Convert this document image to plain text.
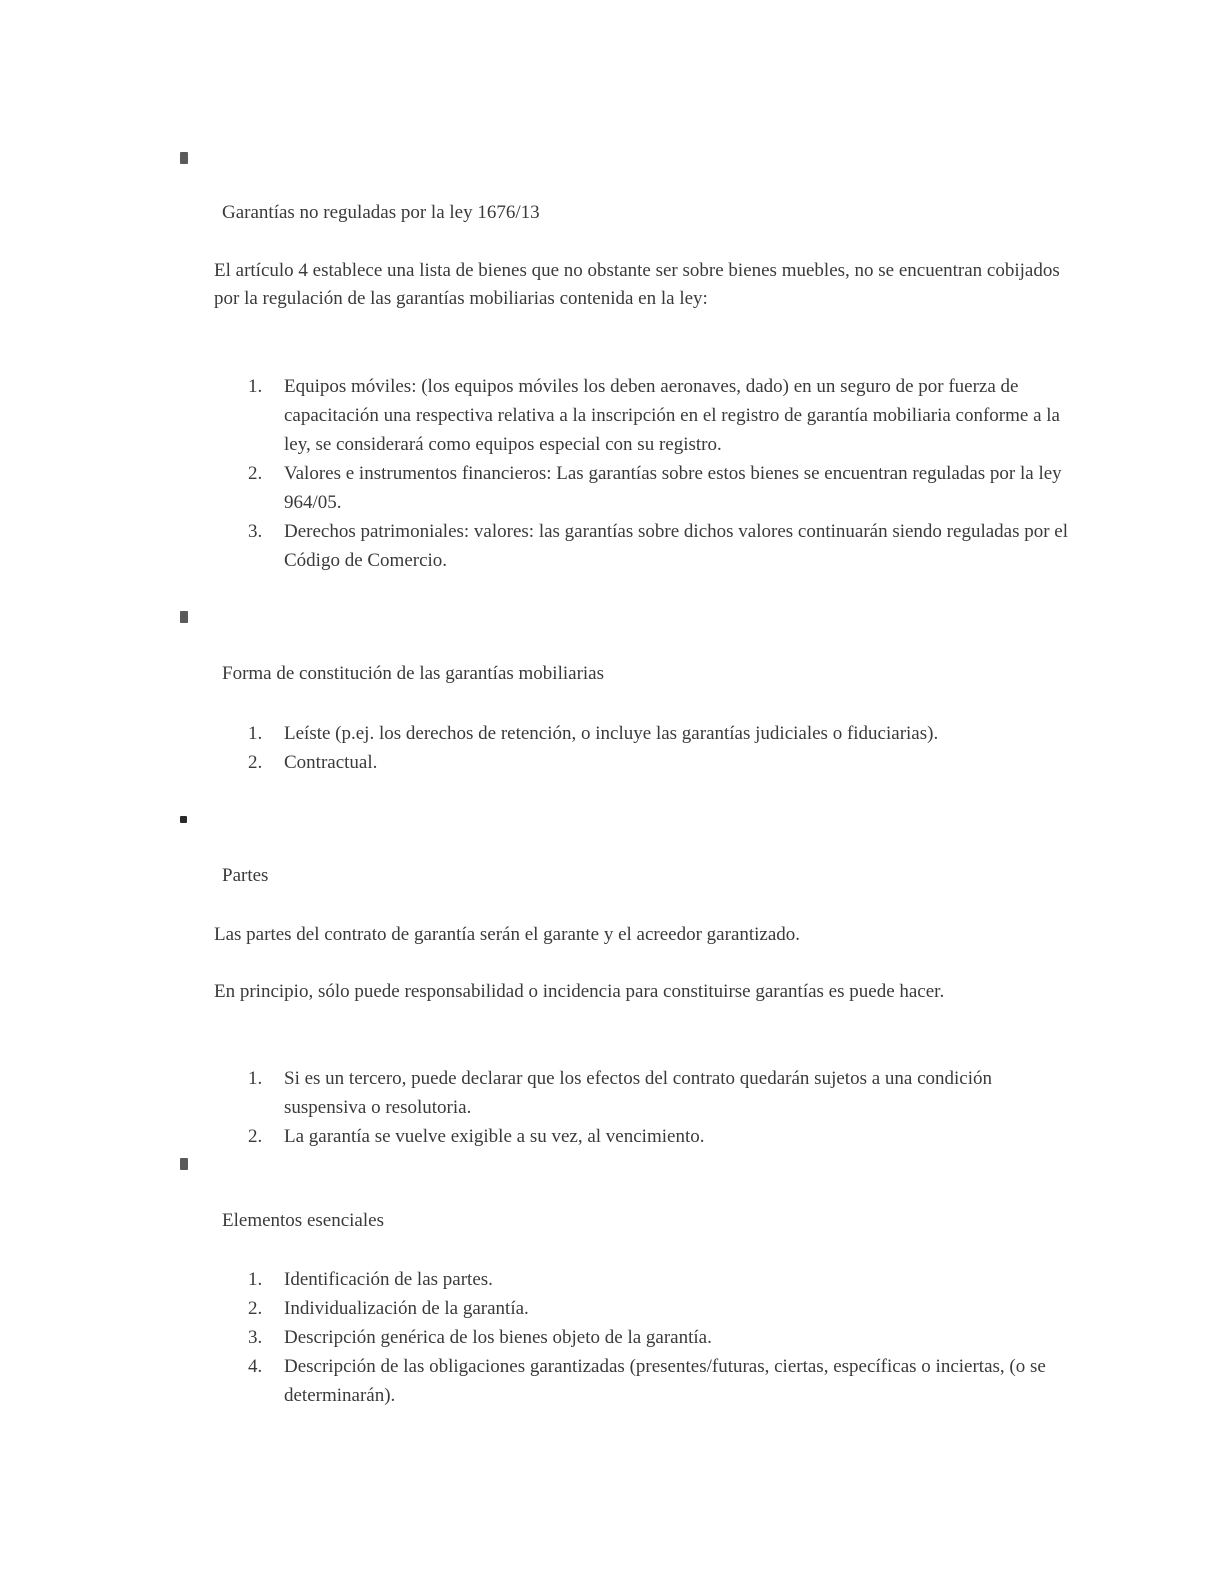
Garantías no reguladas por la ley 1676/13
El artículo 4 establece una lista de bienes que no obstante ser sobre bienes muebles, no se encuentran cobijados por la regulación de las garantías mobiliarias contenida en la ley:
1. Equipos móviles: (los equipos móviles los deben aeronaves, dado) en un seguro de por fuerza de capacitación una respectiva relativa a la inscripción en el registro de garantía mobiliaria conforme a la ley, se considerará como equipos especial con su registro.
2. Valores e instrumentos financieros: Las garantías sobre estos bienes se encuentran reguladas por la ley 964/05.
3. Derechos patrimoniales: valores: las garantías sobre dichos valores continuarán siendo reguladas por el Código de Comercio.
Forma de constitución de las garantías mobiliarias
1. Leíste (p.ej. los derechos de retención, o incluye las garantías judiciales o fiduciarias).
2. Contractual.
Partes
Las partes del contrato de garantía serán el garante y el acreedor garantizado.
En principio, sólo puede responsabilidad o incidencia para constituirse garantías es puede hacer.
1. Si es un tercero, puede declarar que los efectos del contrato quedarán sujetos a una condición suspensiva o resolutoria.
2. La garantía se vuelve exigible a su vez, al vencimiento.
Elementos esenciales
1. Identificación de las partes.
2. Individualización de la garantía.
3. Descripción genérica de los bienes objeto de la garantía.
4. Descripción de las obligaciones garantizadas (presentes/futuras, ciertas, específicas o inciertas, (o se determinarán).
